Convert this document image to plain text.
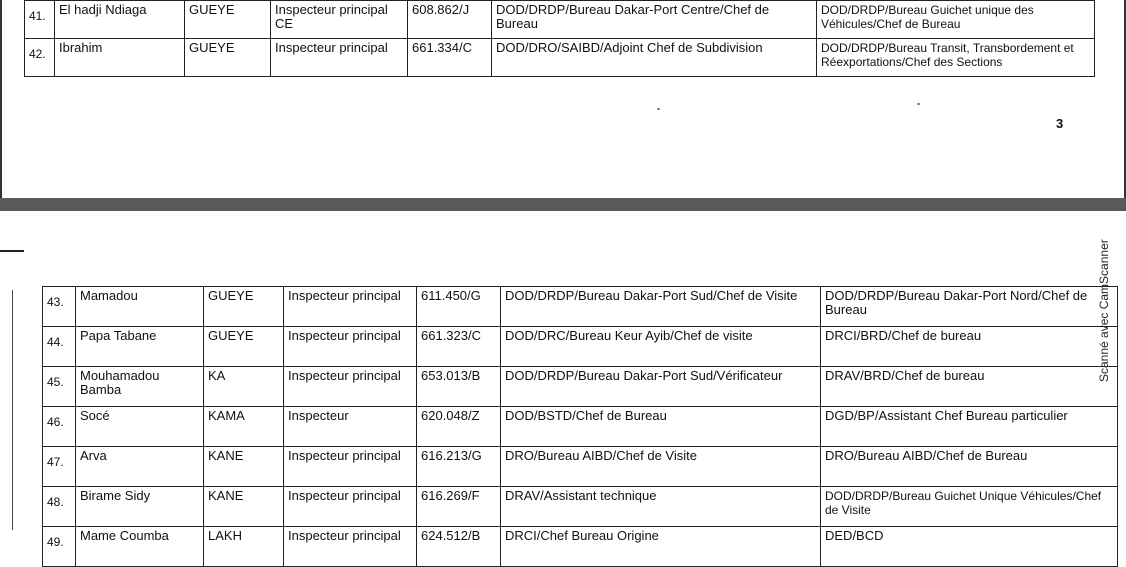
41.	El hadji Ndiaga	GUEYE	Inspecteur principal CE	608.862/J	DOD/DRDP/Bureau Dakar-Port Centre/Chef de Bureau	DOD/DRDP/Bureau Guichet unique des Véhicules/Chef de Bureau
42.	Ibrahim	GUEYE	Inspecteur principal	661.334/C	DOD/DRO/SAIBD/Adjoint Chef de Subdivision	DOD/DRDP/Bureau Transit, Transbordement et Réexportations/Chef des Sections
3
43.	Mamadou	GUEYE	Inspecteur principal	611.450/G	DOD/DRDP/Bureau Dakar-Port Sud/Chef de Visite	DOD/DRDP/Bureau Dakar-Port Nord/Chef de Bureau
44.	Papa Tabane	GUEYE	Inspecteur principal	661.323/C	DOD/DRC/Bureau Keur Ayib/Chef de visite	DRCI/BRD/Chef de bureau
45.	Mouhamadou Bamba	KA	Inspecteur principal	653.013/B	DOD/DRDP/Bureau Dakar-Port Sud/Vérificateur	DRAV/BRD/Chef de bureau
46.	Socé	KAMA	Inspecteur	620.048/Z	DOD/BSTD/Chef de Bureau	DGD/BP/Assistant Chef Bureau particulier
47.	Arva	KANE	Inspecteur principal	616.213/G	DRO/Bureau AIBD/Chef de Visite	DRO/Bureau AIBD/Chef de Bureau
48.	Birame Sidy	KANE	Inspecteur principal	616.269/F	DRAV/Assistant technique	DOD/DRDP/Bureau Guichet Unique Véhicules/Chef de Visite
49.	Mame Coumba	LAKH	Inspecteur principal	624.512/B	DRCI/Chef Bureau Origine	DED/BCD
Scanné avec CamScanner
